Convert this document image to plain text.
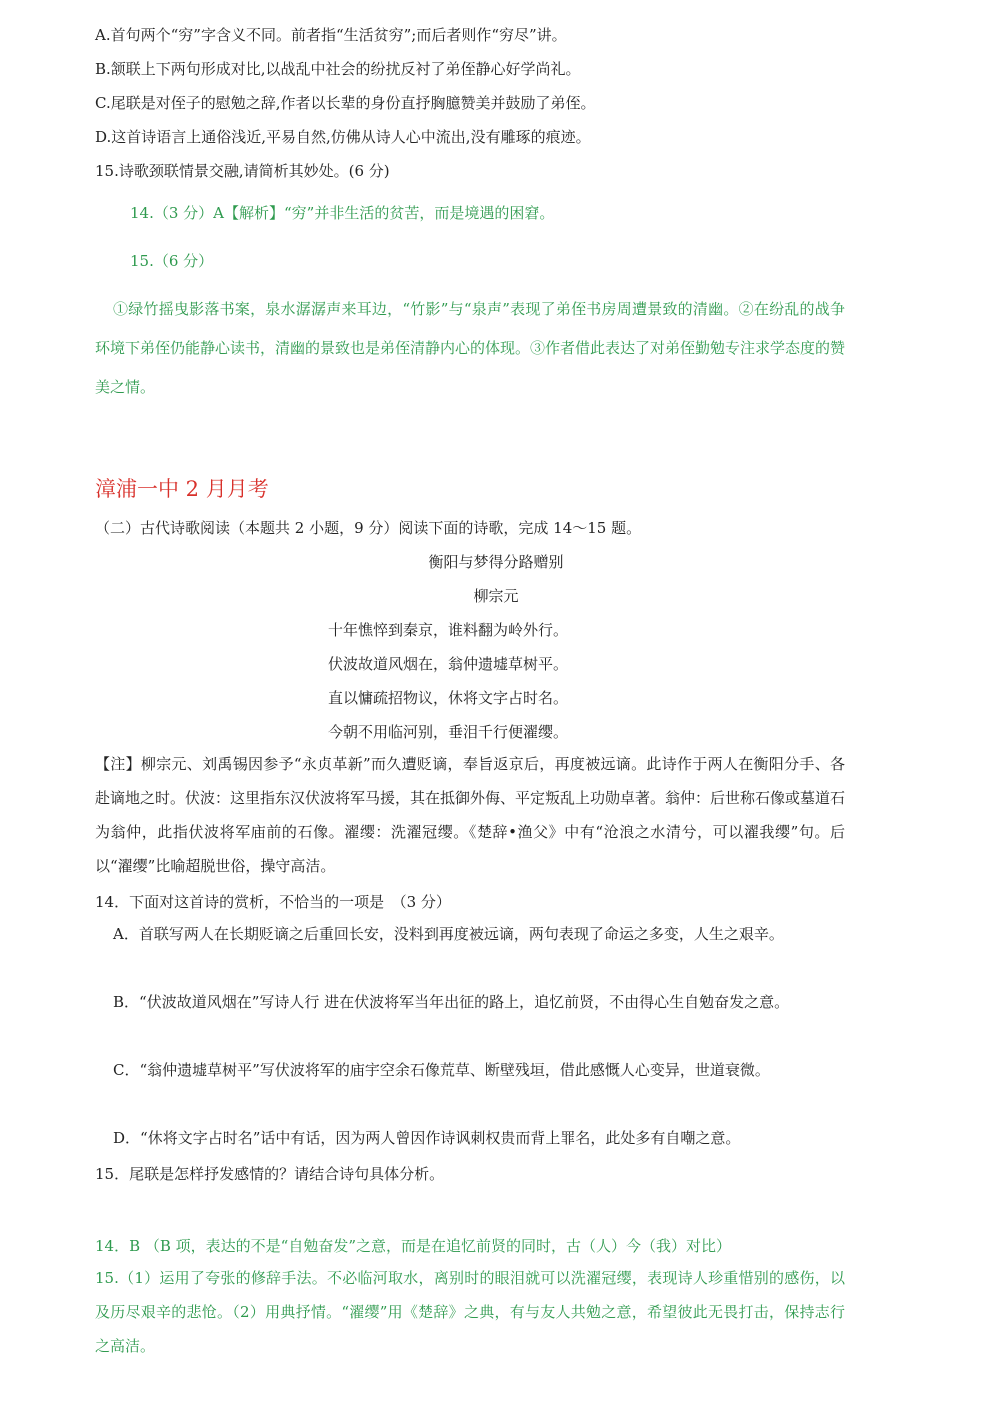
A.首句两个“穷”字含义不同。前者指“生活贫穷”;而后者则作“穷尽”讲。
B.颔联上下两句形成对比,以战乱中社会的纷扰反衬了弟侄静心好学尚礼。
C.尾联是对侄子的慰勉之辞,作者以长辈的身份直抒胸臆赞美并鼓励了弟侄。
D.这首诗语言上通俗浅近,平易自然,仿佛从诗人心中流出,没有雕琢的痕迹。
15.诗歌颈联情景交融,请简析其妙处。(6 分)
14.（3 分）A【解析】“穷”并非生活的贫苦，而是境遇的困窘。
15.（6 分）
①绿竹摇曳影落书案，泉水潺潺声来耳边，“竹影”与“泉声”表现了弟侄书房周遭景致的清幽。②在纷乱的战争环境下弟侄仍能静心读书，清幽的景致也是弟侄清静内心的体现。③作者借此表达了对弟侄勤勉专注求学态度的赞美之情。
漳浦一中 2 月月考
（二）古代诗歌阅读（本题共 2 小题，9 分）阅读下面的诗歌，完成 14～15 题。
衡阳与梦得分路赠别
柳宗元
十年憔悴到秦京，谁料翻为岭外行。
伏波故道风烟在，翁仲遗墟草树平。
直以慵疏招物议，休将文字占时名。
今朝不用临河别，垂泪千行便濯缨。
【注】柳宗元、刘禹锡因参予“永贞革新”而久遭贬谪，奉旨返京后，再度被远谪。此诗作于两人在衡阳分手、各赴谪地之时。伏波：这里指东汉伏波将军马援，其在抵御外侮、平定叛乱上功勋卓著。翁仲：后世称石像或墓道石为翁仲，此指伏波将军庙前的石像。濯缨：洗濯冠缨。《楚辞•渔父》中有“沧浪之水清兮，可以濯我缨”句。后以“濯缨”比喻超脱世俗，操守高洁。
14．下面对这首诗的赏析，不恰当的一项是　（3 分）
A．首联写两人在长期贬谪之后重回长安，没料到再度被远谪，两句表现了命运之多变，人生之艰辛。
B．“伏波故道风烟在”写诗人行 进在伏波将军当年出征的路上，追忆前贤，不由得心生自勉奋发之意。
C．“翁仲遗墟草树平”写伏波将军的庙宇空余石像荒草、断壁残垣，借此感慨人心变异，世道衰微。
D．“休将文字占时名”话中有话，因为两人曾因作诗讽刺权贵而背上罪名，此处多有自嘲之意。
15．尾联是怎样抒发感情的？请结合诗句具体分析。
14．B （B 项，表达的不是“自勉奋发”之意，而是在追忆前贤的同时，古（人）今（我）对比）
15.（1）运用了夸张的修辞手法。不必临河取水，离别时的眼泪就可以洗濯冠缨，表现诗人珍重惜别的感伤，以及历尽艰辛的悲怆。（2）用典抒情。“濯缨”用《楚辞》之典，有与友人共勉之意，希望彼此无畏打击，保持志行之高洁。
